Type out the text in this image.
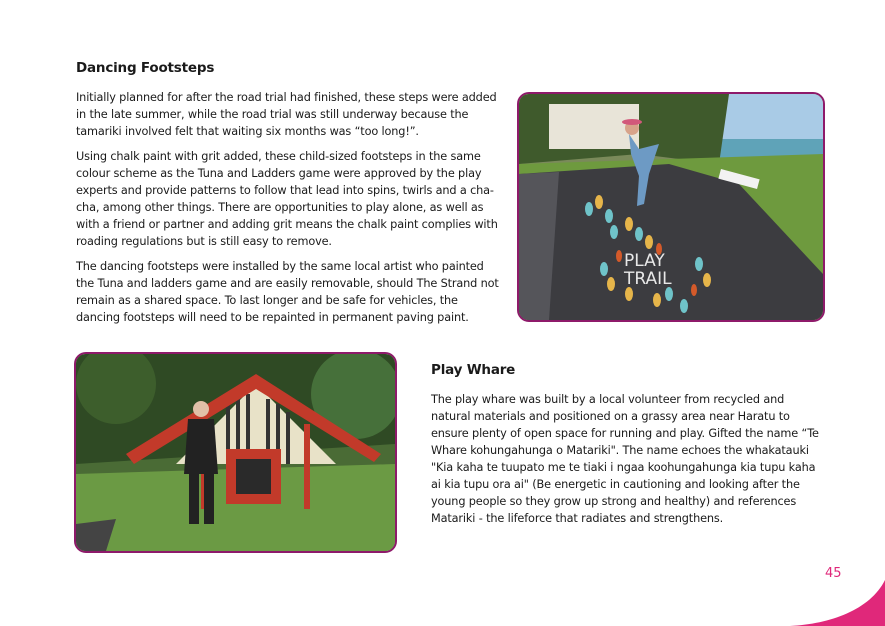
Dancing Footsteps

Initially planned for after the road trial had finished, these steps were added in the late summer, while the road trial was still underway because the tamariki involved felt that waiting six months was “too long!”.

Using chalk paint with grit added, these child-sized footsteps in the same colour scheme as the Tuna and Ladders game were approved by the play experts and provide patterns to follow that lead into spins, twirls and a cha-cha, among other things. There are opportunities to play alone, as well as with a friend or partner and adding grit means the chalk paint complies with roading regulations but is still easy to remove.

The dancing footsteps were installed by the same local artist who painted the Tuna and ladders game and are easily removable, should The Strand not remain as a shared space. To last longer and be safe for vehicles, the dancing footsteps will need to be repainted in permanent paving paint.

PLAY
TRAIL
Play Whare

The play whare was built by a local volunteer from recycled and natural materials and positioned on a grassy area near Haratu to ensure plenty of open space for running and play. Gifted the name “Te Whare kohungahunga o Matariki". The name echoes the whakatauki "Kia kaha te tuupato me te tiaki i ngaa koohungahunga kia tupu kaha ai kia tupu ora ai" (Be energetic in cautioning and looking after the young people so they grow up strong and healthy) and references Matariki - the lifeforce that radiates and strengthens.

45
